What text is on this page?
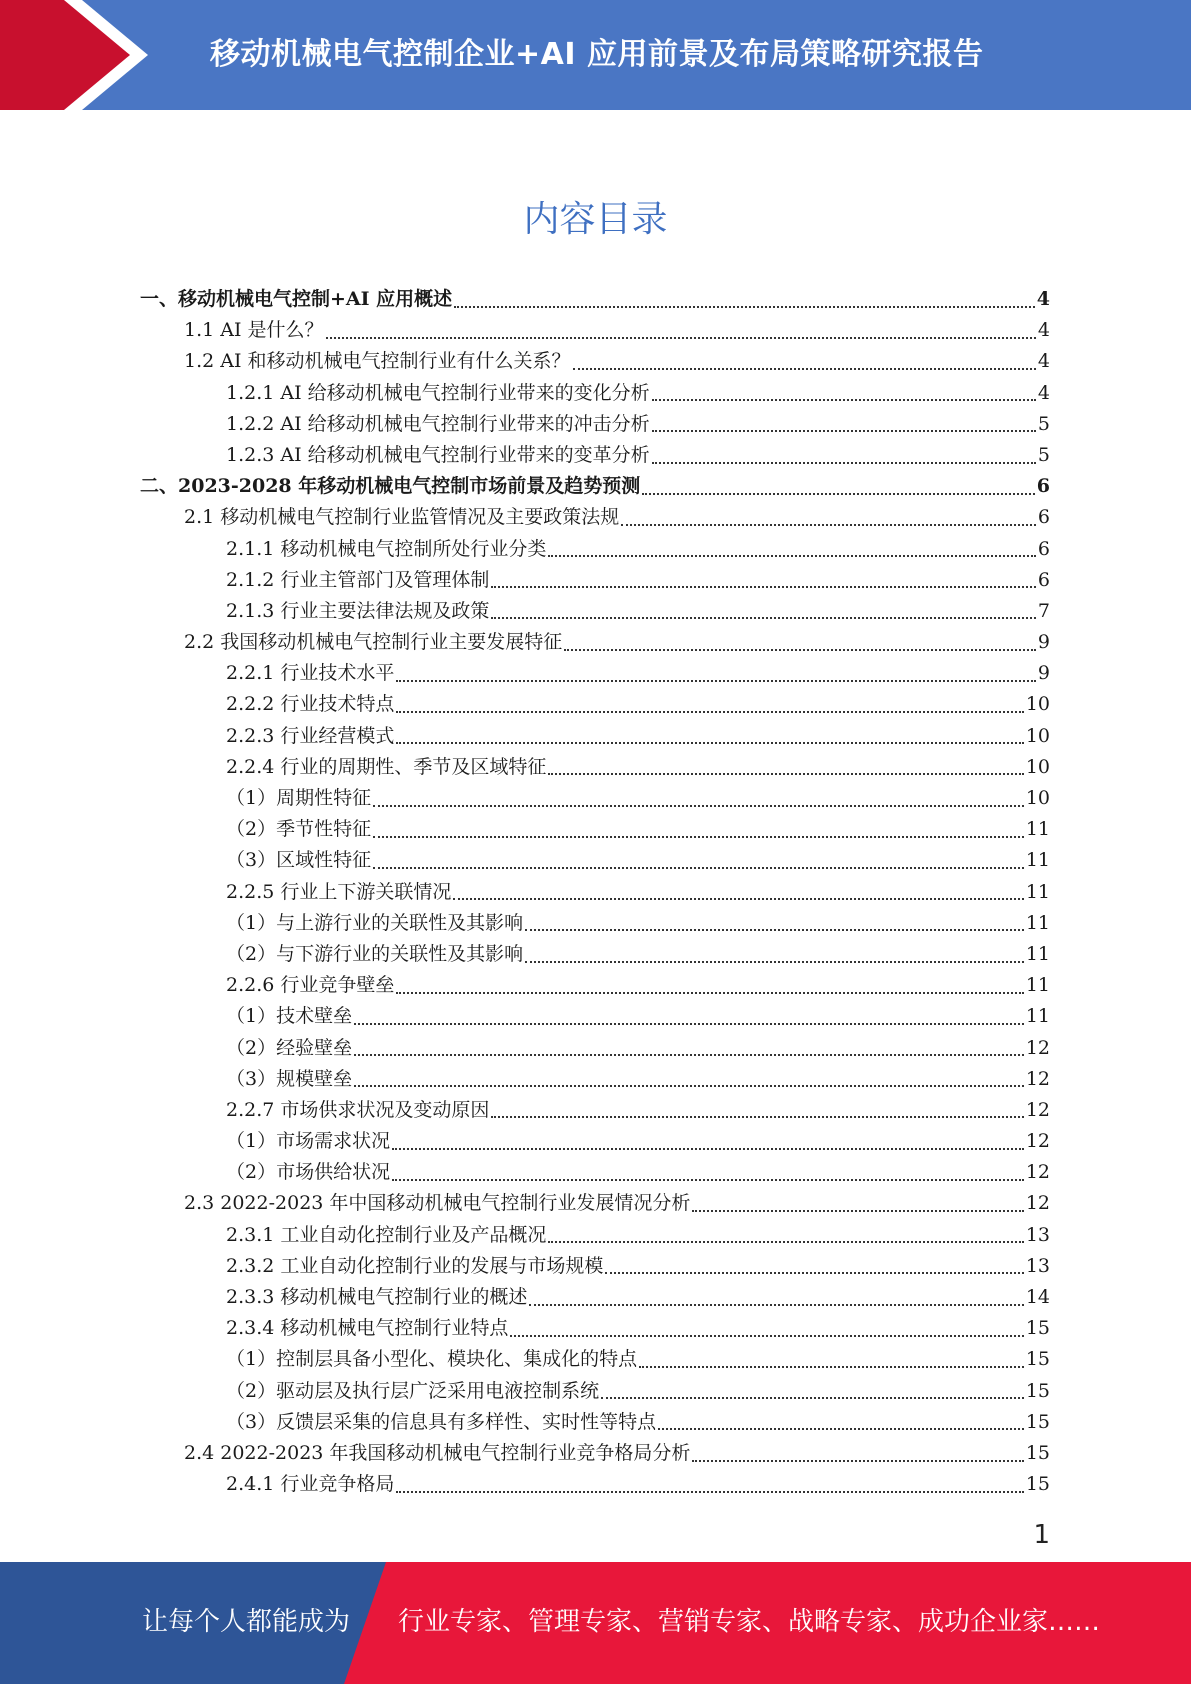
移动机械电气控制企业+AI 应用前景及布局策略研究报告
内容目录
一、移动机械电气控制+AI 应用概述	4
1.1 AI 是什么？	4
1.2 AI 和移动机械电气控制行业有什么关系？	4
1.2.1 AI 给移动机械电气控制行业带来的变化分析	4
1.2.2 AI 给移动机械电气控制行业带来的冲击分析	5
1.2.3 AI 给移动机械电气控制行业带来的变革分析	5
二、2023-2028 年移动机械电气控制市场前景及趋势预测	6
2.1 移动机械电气控制行业监管情况及主要政策法规	6
2.1.1 移动机械电气控制所处行业分类	6
2.1.2 行业主管部门及管理体制	6
2.1.3 行业主要法律法规及政策	7
2.2 我国移动机械电气控制行业主要发展特征	9
2.2.1 行业技术水平	9
2.2.2 行业技术特点	10
2.2.3 行业经营模式	10
2.2.4 行业的周期性、季节及区域特征	10
（1）周期性特征	10
（2）季节性特征	11
（3）区域性特征	11
2.2.5 行业上下游关联情况	11
（1）与上游行业的关联性及其影响	11
（2）与下游行业的关联性及其影响	11
2.2.6 行业竞争壁垒	11
（1）技术壁垒	11
（2）经验壁垒	12
（3）规模壁垒	12
2.2.7 市场供求状况及变动原因	12
（1）市场需求状况	12
（2）市场供给状况	12
2.3 2022-2023 年中国移动机械电气控制行业发展情况分析	12
2.3.1 工业自动化控制行业及产品概况	13
2.3.2 工业自动化控制行业的发展与市场规模	13
2.3.3 移动机械电气控制行业的概述	14
2.3.4 移动机械电气控制行业特点	15
（1）控制层具备小型化、模块化、集成化的特点	15
（2）驱动层及执行层广泛采用电液控制系统	15
（3）反馈层采集的信息具有多样性、实时性等特点	15
2.4 2022-2023 年我国移动机械电气控制行业竞争格局分析	15
2.4.1 行业竞争格局	15
1
让每个人都能成为 行业专家、管理专家、营销专家、战略专家、成功企业家……
